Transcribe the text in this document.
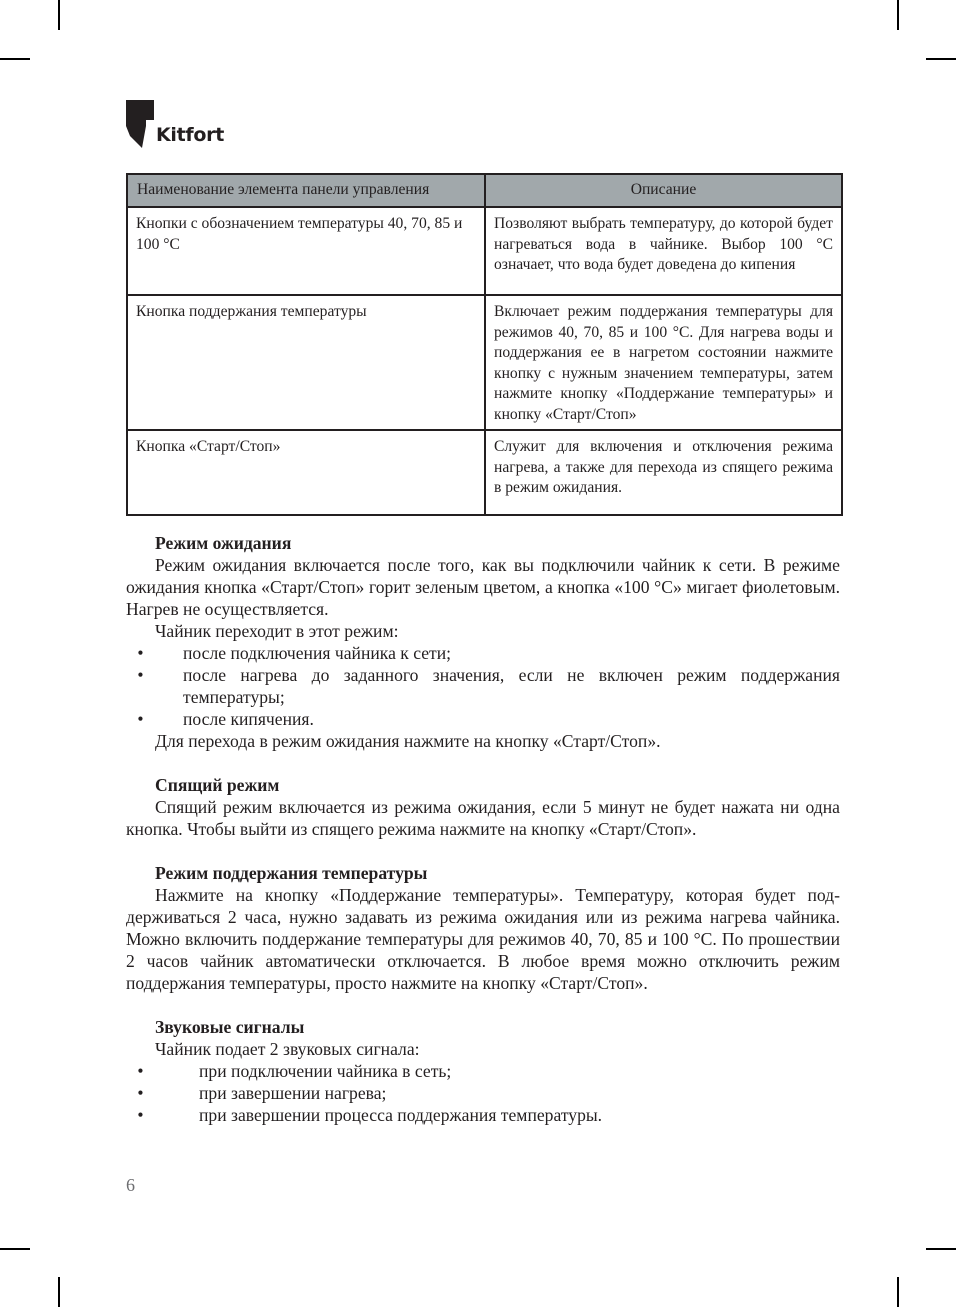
Kitfort
Наименование элемента панели управления	Описание
Кнопки с обозначением температуры 40, 70, 85 и 100 °С	Позволяют выбрать температуру, до которой будет нагреваться вода в чайнике. Выбор 100 °С означает, что вода будет доведена до кипения
Кнопка поддержания температуры	Включает режим поддержания температуры для режимов 40, 70, 85 и 100 °С. Для нагрева воды и поддержания ее в нагретом состоянии нажмите кнопку с нужным значением температуры, затем нажмите кнопку «Поддержание температуры» и кнопку «Старт/Стоп»
Кнопка «Старт/Стоп»	Служит для включения и отключения режима нагрева, а также для перехода из спящего режима в режим ожидания.
Режим ожидания
Режим ожидания включается после того, как вы подключили чайник к сети. В режиме ожидания кнопка «Старт/Стоп» горит зеленым цветом, а кнопка «100 °С» мигает фиолетовым. Нагрев не осуществляется.
Чайник переходит в этот режим:
•	после подключения чайника к сети;
•	после нагрева до заданного значения, если не включен режим поддержания температуры;
•	после кипячения.
Для перехода в режим ожидания нажмите на кнопку «Старт/Стоп».
Спящий режим
Спящий режим включается из режима ожидания, если 5 минут не будет нажата ни одна кнопка. Чтобы выйти из спящего режима нажмите на кнопку «Старт/Стоп».
Режим поддержания температуры
Нажмите на кнопку «Поддержание температуры». Температуру, которая будет поддерживаться 2 часа, нужно задавать из режима ожидания или из режима нагрева чайника. Можно включить поддержание температуры для режимов 40, 70, 85 и 100 °С. По прошествии 2 часов чайник автоматически отключается. В любое время можно отключить режим поддержания температуры, просто нажмите на кнопку «Старт/Стоп».
Звуковые сигналы
Чайник подает 2 звуковых сигнала:
•	при подключении чайника в сеть;
•	при завершении нагрева;
•	при завершении процесса поддержания температуры.
6
